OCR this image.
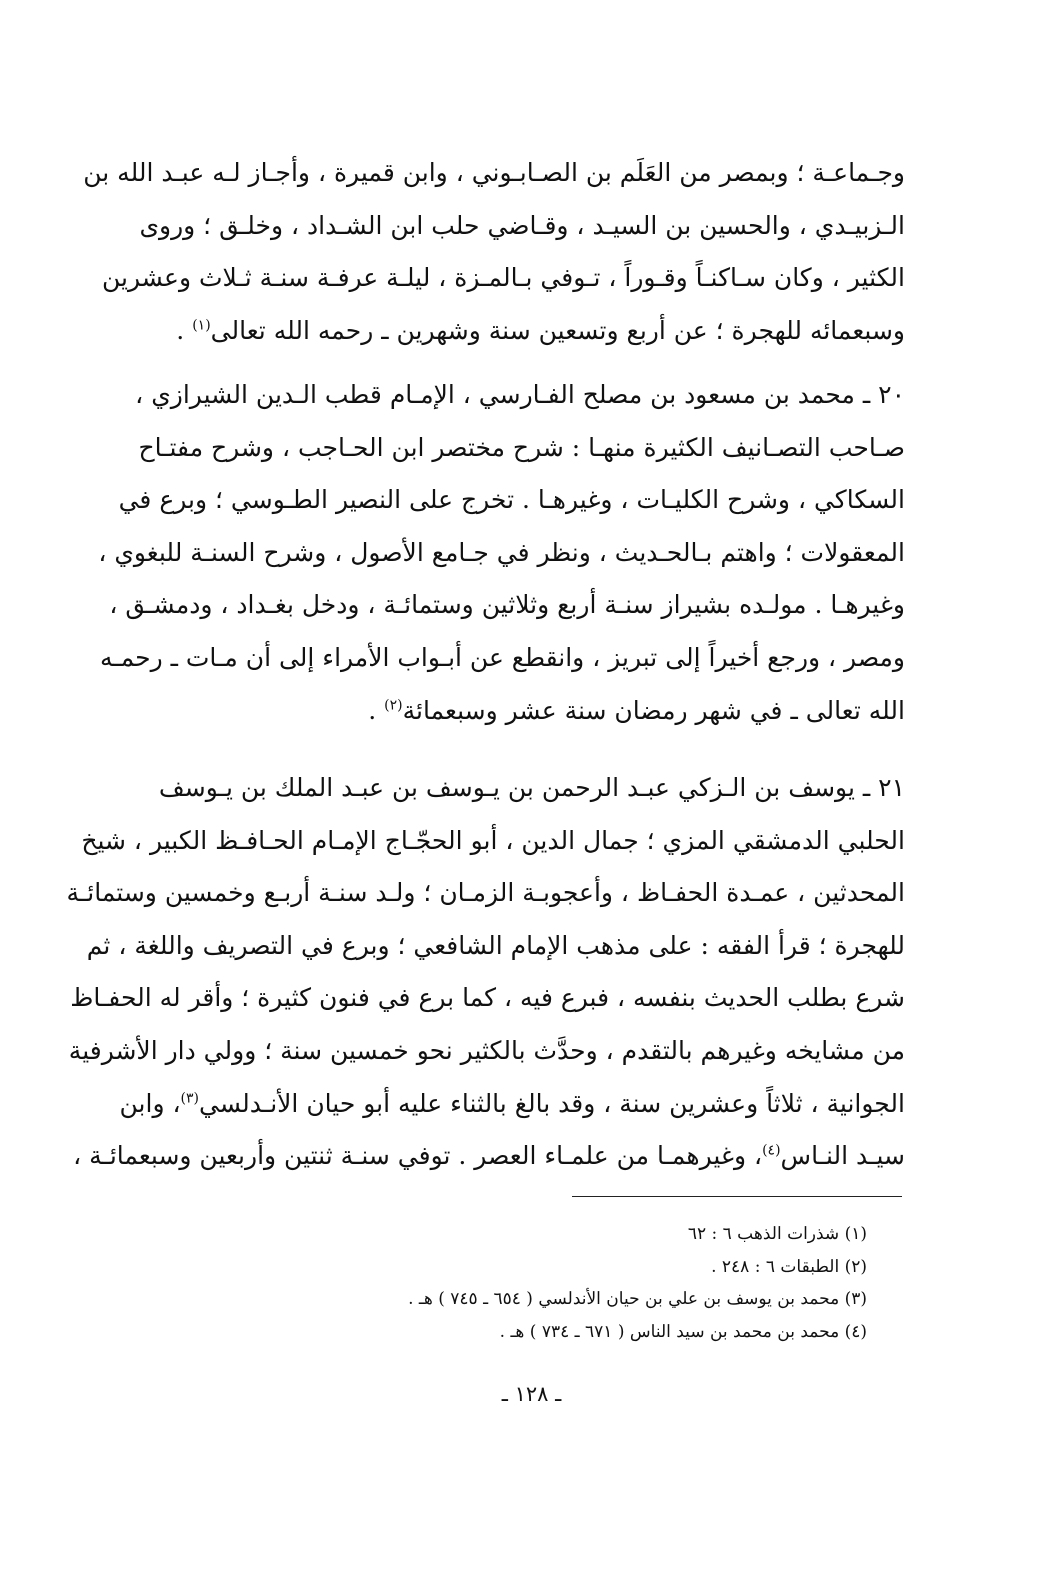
وجـماعـة ؛ وبمصر من العَلَم بن الصـابـوني ، وابن قميرة ، وأجـاز لـه عبـد الله بن
الـزبيـدي ، والحسين بن السيـد ، وقـاضي حلب ابن الشـداد ، وخلـق ؛ وروى
الكثير ، وكان سـاكنـاً وقـوراً ، تـوفي بـالمـزة ، ليلـة عرفـة سنـة ثـلاث وعشرين
وسبعمائه للهجرة ؛ عن أربع وتسعين سنة وشهرين ـ رحمه الله تعالى$^{(١)}$ .
٢٠ ـ محمد بن مسعود بن مصلح الفـارسي ، الإمـام قطب الـدين الشيرازي ،
صـاحب التصـانيف الكثيرة منهـا : شرح مختصر ابن الحـاجب ، وشرح مفتـاح
السكاكي ، وشرح الكليـات ، وغيرهـا . تخرج على النصير الطـوسي ؛ وبرع في
المعقولات ؛ واهتم بـالحـديث ، ونظر في جـامع الأصول ، وشرح السنـة للبغوي ،
وغيرهـا . مولـده بشيراز سنـة أربع وثلاثين وستمائـة ، ودخل بغـداد ، ودمشـق ،
ومصر ، ورجع أخيراً إلى تبريز ، وانقطع عن أبـواب الأمراء إلى أن مـات ـ رحمـه
الله تعالى ـ في شهر رمضان سنة عشر وسبعمائة$^{(٢)}$ .
٢١ ـ يوسف بن الـزكي عبـد الرحمن بن يـوسف بن عبـد الملك بن يـوسف
الحلبي الدمشقي المزي ؛ جمال الدين ، أبو الحجّـاج الإمـام الحـافـظ الكبير ، شيخ
المحدثين ، عمـدة الحفـاظ ، وأعجوبـة الزمـان ؛ ولـد سنـة أربـع وخمسين وستمائـة
للهجرة ؛ قرأ الفقه : على مذهب الإمام الشافعي ؛ وبرع في التصريف واللغة ، ثم
شرع بطلب الحديث بنفسه ، فبرع فيه ، كما برع في فنون كثيرة ؛ وأقر له الحفـاظ
من مشايخه وغيرهم بالتقدم ، وحدَّث بالكثير نحو خمسين سنة ؛ وولي دار الأشرفية
الجوانية ، ثلاثاً وعشرين سنة ، وقد بالغ بالثناء عليه أبو حيان الأنـدلسي$^{(٣)}$، وابن
سيـد النـاس$^{(٤)}$، وغيرهمـا من علمـاء العصر . توفي سنـة ثنتين وأربعين وسبعمائـة ،
(١) شذرات الذهب ٦ : ٦٢
(٢) الطبقات ٦ : ٢٤٨ .
(٣) محمد بن يوسف بن علي بن حيان الأندلسي ( ٦٥٤ ـ ٧٤٥ ) هـ .
(٤) محمد بن محمد بن سيد الناس ( ٦٧١ ـ ٧٣٤ ) هـ .
ـ ١٢٨ ـ
